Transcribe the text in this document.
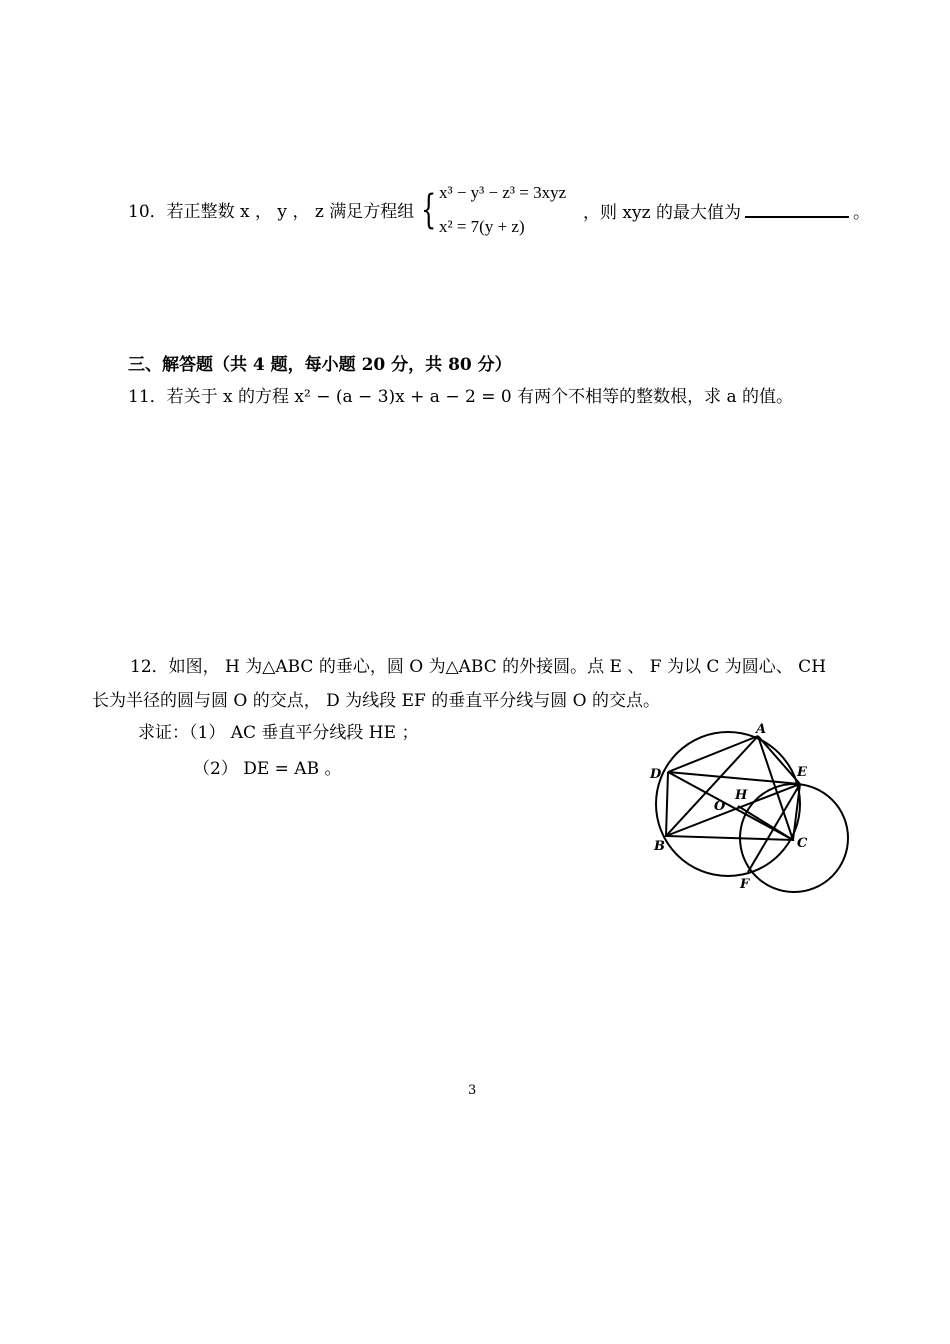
10．若正整数 x ， y ， z 满足方程组 { x³ − y³ − z³ = 3xyz
x² = 7(y + z)
，则 xyz 的最大值为	。
三、解答题（共 4 题，每小题 20 分，共 80 分）
11．若关于 x 的方程 x² − (a − 3)x + a − 2 = 0 有两个不相等的整数根，求 a 的值。
12．如图， H 为△ABC 的垂心，圆 O 为△ABC 的外接圆。点 E 、 F 为以 C 为圆心、 CH
长为半径的圆与圆 O 的交点， D 为线段 EF 的垂直平分线与圆 O 的交点。
求证：（1） AC 垂直平分线段 HE ；
（2） DE = AB 。
A
D	E
H
O
B	C
F
3
